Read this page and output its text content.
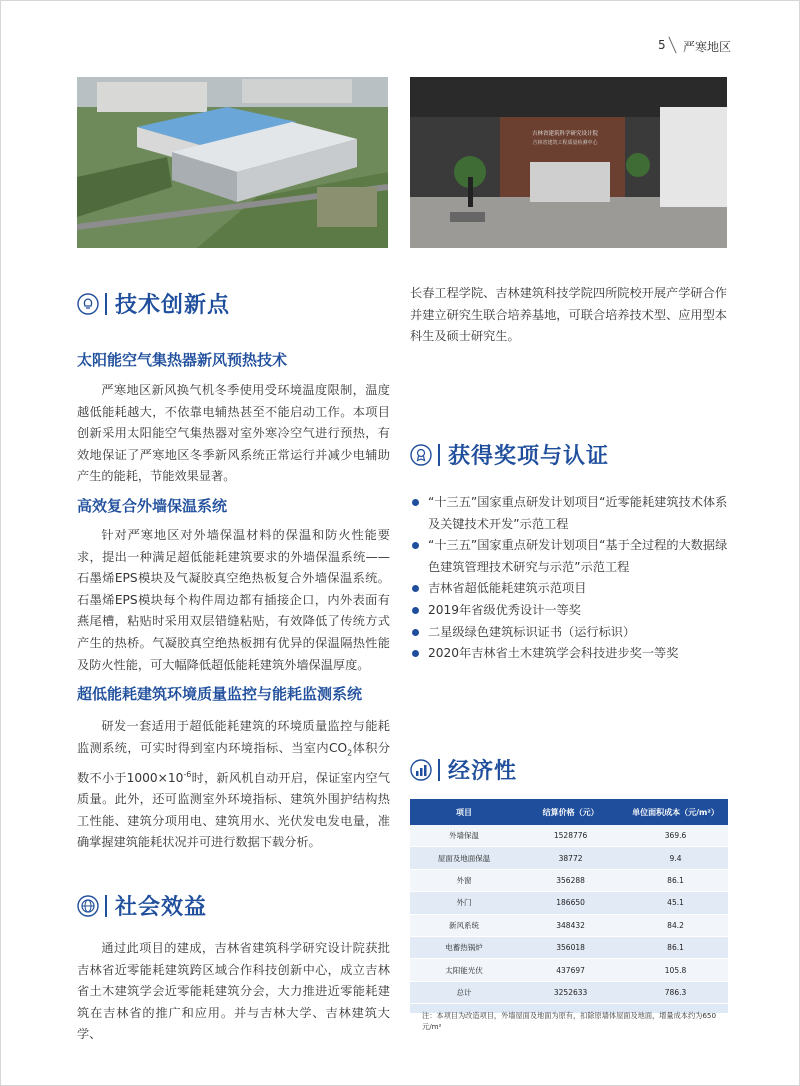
5 严寒地区
吉林省建筑科学研究设计院
吉林省建筑工程质量检测中心
技术创新点
太阳能空气集热器新风预热技术

严寒地区新风换气机冬季使用受环境温度限制，温度越低能耗越大，不依靠电辅热甚至不能启动工作。本项目创新采用太阳能空气集热器对室外寒冷空气进行预热，有效地保证了严寒地区冬季新风系统正常运行并减少电辅助产生的能耗，节能效果显著。

高效复合外墙保温系统

针对严寒地区对外墙保温材料的保温和防火性能要求，提出一种满足超低能耗建筑要求的外墙保温系统——石墨烯EPS模块及气凝胶真空绝热板复合外墙保温系统。石墨烯EPS模块每个构件周边都有插接企口，内外表面有燕尾槽，粘贴时采用双层错缝粘贴，有效降低了传统方式产生的热桥。气凝胶真空绝热板拥有优异的保温隔热性能及防火性能，可大幅降低超低能耗建筑外墙保温厚度。

超低能耗建筑环境质量监控与能耗监测系统

研发一套适用于超低能耗建筑的环境质量监控与能耗监测系统，可实时得到室内环境指标、当室内$CO_2$体积分数不小于$1000\times 10^{-6}$时，新风机自动开启，保证室内空气质量。此外，还可监测室外环境指标、建筑外围护结构热工性能、建筑分项用电、建筑用水、光伏发电发电量，准确掌握建筑能耗状况并可进行数据下载分析。

社会效益

通过此项目的建成，吉林省建筑科学研究设计院获批吉林省近零能耗建筑跨区域合作科技创新中心，成立吉林省土木建筑学会近零能耗建筑分会，大力推进近零能耗建筑在吉林省的推广和应用。并与吉林大学、吉林建筑大学、

长春工程学院、吉林建筑科技学院四所院校开展产学研合作并建立研究生联合培养基地，可联合培养技术型、应用型本科生及硕士研究生。

获得奖项与认证
“十三五”国家重点研发计划项目“近零能耗建筑技术体系及关键技术开发”示范工程
“十三五”国家重点研发计划项目“基于全过程的大数据绿色建筑管理技术研究与示范”示范工程
吉林省超低能耗建筑示范项目
2019年省级优秀设计一等奖
二星级绿色建筑标识证书（运行标识）
2020年吉林省土木建筑学会科技进步奖一等奖
经济性
项目	结算价格（元）	单位面积成本（元/m²）
外墙保温	1528776	369.6
屋面及地面保温	38772	9.4
外窗	356288	86.1
外门	186650	45.1
新风系统	348432	84.2
电蓄热锅炉	356018	86.1
太阳能光伏	437697	105.8
总计	3252633	786.3
注：本项目为改造项目，外墙屋面及地面为原有，扣除原墙体屋面及地面，增量成本约为650元/m²
